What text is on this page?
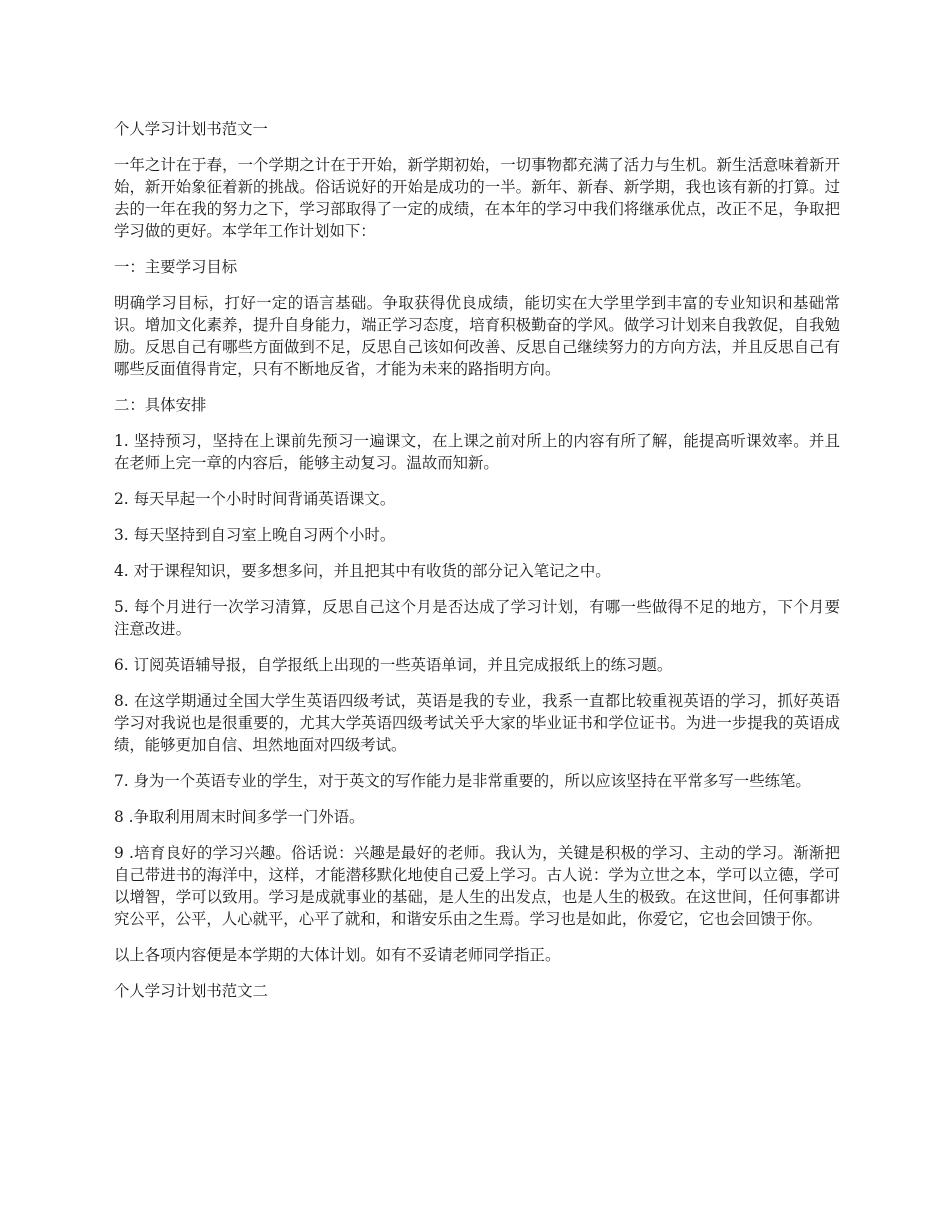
个人学习计划书范文一

一年之计在于春，一个学期之计在于开始，新学期初始，一切事物都充满了活力与生机。新生活意味着新开始，新开始象征着新的挑战。俗话说好的开始是成功的一半。新年、新春、新学期，我也该有新的打算。过去的一年在我的努力之下，学习部取得了一定的成绩，在本年的学习中我们将继承优点，改正不足，争取把学习做的更好。本学年工作计划如下：

一：主要学习目标

明确学习目标，打好一定的语言基础。争取获得优良成绩，能切实在大学里学到丰富的专业知识和基础常识。增加文化素养，提升自身能力，端正学习态度，培育积极勤奋的学风。做学习计划来自我敦促，自我勉励。反思自己有哪些方面做到不足，反思自己该如何改善、反思自己继续努力的方向方法，并且反思自己有哪些反面值得肯定，只有不断地反省，才能为未来的路指明方向。

二：具体安排

1. 坚持预习，坚持在上课前先预习一遍课文，在上课之前对所上的内容有所了解，能提高听课效率。并且在老师上完一章的内容后，能够主动复习。温故而知新。

2. 每天早起一个小时时间背诵英语课文。

3. 每天坚持到自习室上晚自习两个小时。

4. 对于课程知识，要多想多问，并且把其中有收货的部分记入笔记之中。

5. 每个月进行一次学习清算，反思自己这个月是否达成了学习计划，有哪一些做得不足的地方，下个月要注意改进。

6. 订阅英语辅导报，自学报纸上出现的一些英语单词，并且完成报纸上的练习题。

8. 在这学期通过全国大学生英语四级考试，英语是我的专业，我系一直都比较重视英语的学习，抓好英语学习对我说也是很重要的，尤其大学英语四级考试关乎大家的毕业证书和学位证书。为进一步提我的英语成绩，能够更加自信、坦然地面对四级考试。

7. 身为一个英语专业的学生，对于英文的写作能力是非常重要的，所以应该坚持在平常多写一些练笔。

8 .争取利用周末时间多学一门外语。

9 .培育良好的学习兴趣。俗话说：兴趣是最好的老师。我认为，关键是积极的学习、主动的学习。渐渐把自己带进书的海洋中，这样，才能潜移默化地使自己爱上学习。古人说：学为立世之本，学可以立德，学可以增智，学可以致用。学习是成就事业的基础，是人生的出发点，也是人生的极致。在这世间，任何事都讲究公平，公平，人心就平，心平了就和，和谐安乐由之生焉。学习也是如此，你爱它，它也会回馈于你。

以上各项内容便是本学期的大体计划。如有不妥请老师同学指正。

个人学习计划书范文二
